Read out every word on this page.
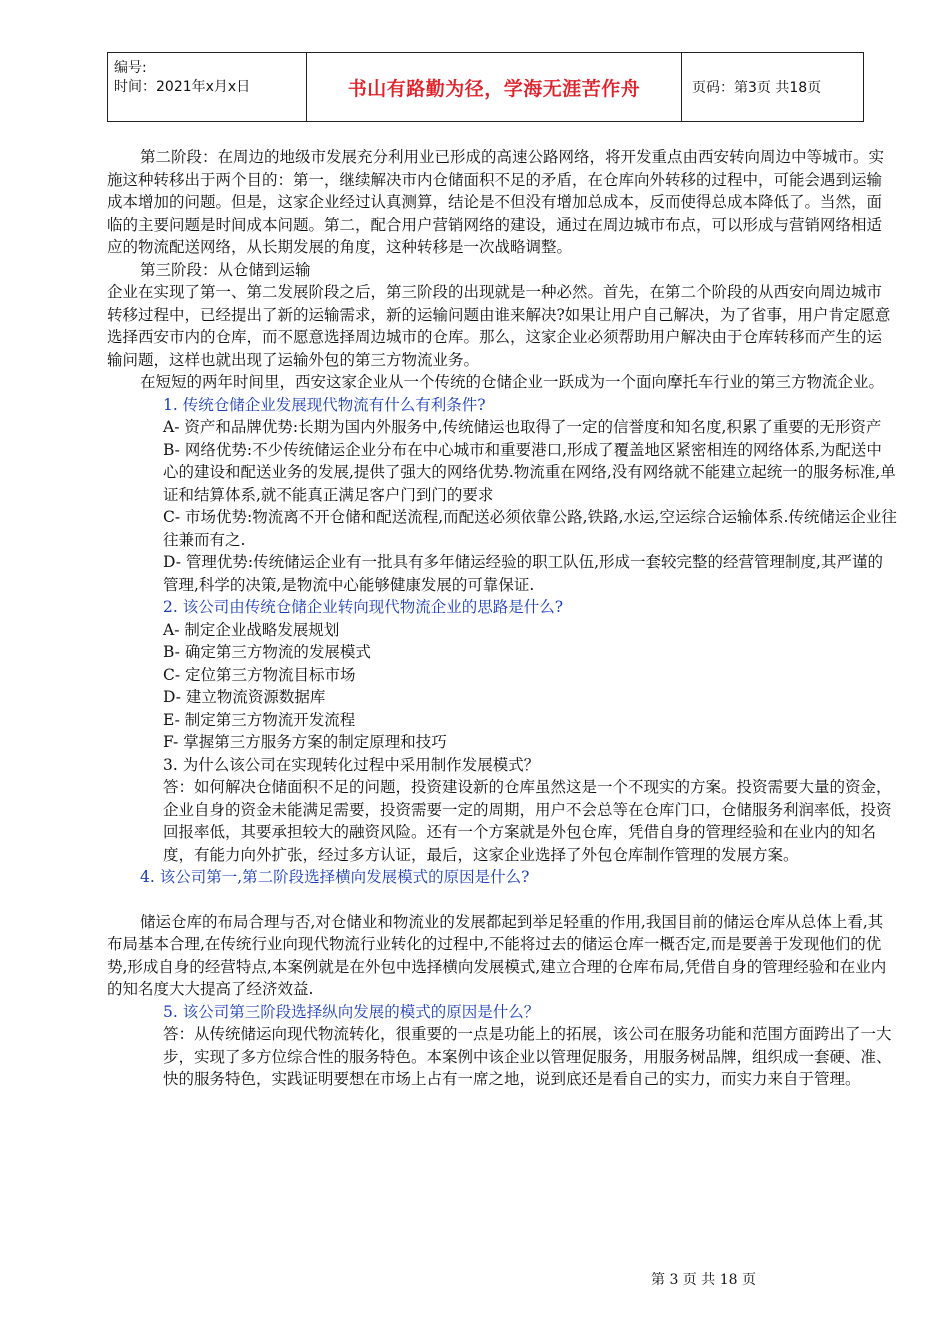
编号:
时间：2021年x月x日	书山有路勤为径，学海无涯苦作舟	页码：第3页 共18页

第二阶段：在周边的地级市发展充分利用业已形成的高速公路网络，将开发重点由西安转向周边中等城市。实施这种转移出于两个目的：第一，继续解决市内仓储面积不足的矛盾，在仓库向外转移的过程中，可能会遇到运输成本增加的问题。但是，这家企业经过认真测算，结论是不但没有增加总成本，反而使得总成本降低了。当然，面临的主要问题是时间成本问题。第二，配合用户营销网络的建设，通过在周边城市布点，可以形成与营销网络相适应的物流配送网络，从长期发展的角度，这种转移是一次战略调整。

第三阶段：从仓储到运输

企业在实现了第一、第二发展阶段之后，第三阶段的出现就是一种必然。首先，在第二个阶段的从西安向周边城市转移过程中，已经提出了新的运输需求，新的运输问题由谁来解决?如果让用户自己解决，为了省事，用户肯定愿意选择西安市内的仓库，而不愿意选择周边城市的仓库。那么，这家企业必须帮助用户解决由于仓库转移而产生的运输问题，这样也就出现了运输外包的第三方物流业务。

在短短的两年时间里，西安这家企业从一个传统的仓储企业一跃成为一个面向摩托车行业的第三方物流企业。

1. 传统仓储企业发展现代物流有什么有利条件?

A- 资产和品牌优势:长期为国内外服务中,传统储运也取得了一定的信誉度和知名度,积累了重要的无形资产

B- 网络优势:不少传统储运企业分布在中心城市和重要港口,形成了覆盖地区紧密相连的网络体系,为配送中心的建设和配送业务的发展,提供了强大的网络优势.物流重在网络,没有网络就不能建立起统一的服务标准,单证和结算体系,就不能真正满足客户门到门的要求

C- 市场优势:物流离不开仓储和配送流程,而配送必须依靠公路,铁路,水运,空运综合运输体系.传统储运企业往往兼而有之.

D- 管理优势:传统储运企业有一批具有多年储运经验的职工队伍,形成一套较完整的经营管理制度,其严谨的管理,科学的决策,是物流中心能够健康发展的可靠保证.

2. 该公司由传统仓储企业转向现代物流企业的思路是什么?

A- 制定企业战略发展规划

B- 确定第三方物流的发展模式

C- 定位第三方物流目标市场

D- 建立物流资源数据库

E- 制定第三方物流开发流程

F- 掌握第三方服务方案的制定原理和技巧

3. 为什么该公司在实现转化过程中采用制作发展模式？

答：如何解决仓储面积不足的问题，投资建设新的仓库虽然这是一个不现实的方案。投资需要大量的资金，企业自身的资金未能满足需要，投资需要一定的周期，用户不会总等在仓库门口，仓储服务利润率低，投资回报率低，其要承担较大的融资风险。还有一个方案就是外包仓库，凭借自身的管理经验和在业内的知名度，有能力向外扩张，经过多方认证，最后，这家企业选择了外包仓库制作管理的发展方案。

4. 该公司第一,第二阶段选择横向发展模式的原因是什么?

储运仓库的布局合理与否,对仓储业和物流业的发展都起到举足轻重的作用,我国目前的储运仓库从总体上看,其布局基本合理,在传统行业向现代物流行业转化的过程中,不能将过去的储运仓库一概否定,而是要善于发现他们的优势,形成自身的经营特点,本案例就是在外包中选择横向发展模式,建立合理的仓库布局,凭借自身的管理经验和在业内的知名度大大提高了经济效益.

5. 该公司第三阶段选择纵向发展的模式的原因是什么？

答：从传统储运向现代物流转化，很重要的一点是功能上的拓展，该公司在服务功能和范围方面跨出了一大步，实现了多方位综合性的服务特色。本案例中该企业以管理促服务，用服务树品牌，组织成一套硬、准、快的服务特色，实践证明要想在市场上占有一席之地，说到底还是看自己的实力，而实力来自于管理。

第 3 页 共 18 页
